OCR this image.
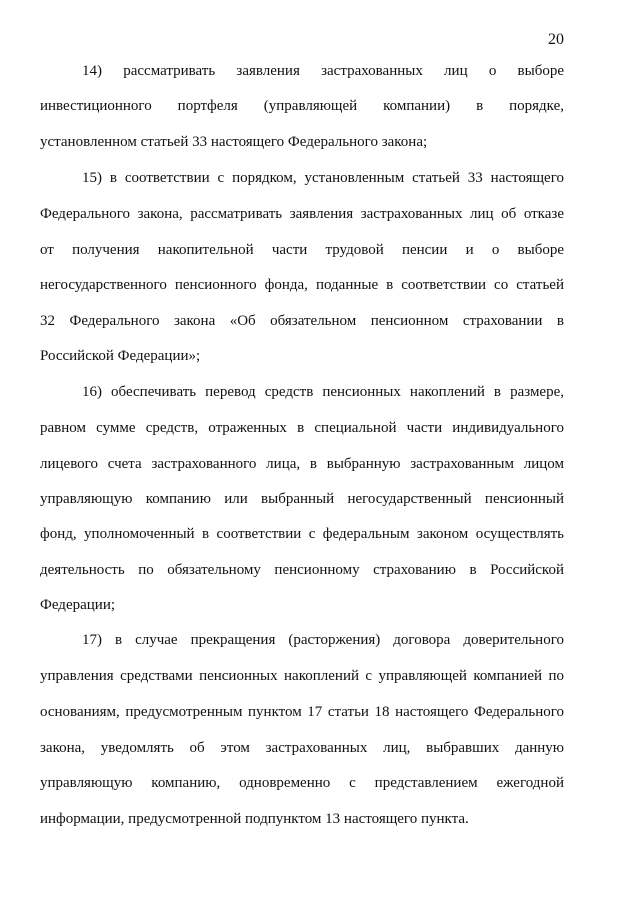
20
14) рассматривать заявления застрахованных лиц о выборе
инвестиционного портфеля (управляющей компании) в порядке,
установленном статьей 33 настоящего Федерального закона;
15) в соответствии с порядком, установленным статьей 33 настоящего
Федерального закона, рассматривать заявления застрахованных лиц об отказе
от получения накопительной части трудовой пенсии и о выборе
негосударственного пенсионного фонда, поданные в соответствии со статьей
32 Федерального закона «Об обязательном пенсионном страховании в
Российской Федерации»;
16) обеспечивать перевод средств пенсионных накоплений в размере,
равном сумме средств, отраженных в специальной части индивидуального
лицевого счета застрахованного лица, в выбранную застрахованным лицом
управляющую компанию или выбранный негосударственный пенсионный
фонд, уполномоченный в соответствии с федеральным законом осуществлять
деятельность по обязательному пенсионному страхованию в Российской
Федерации;
17) в случае прекращения (расторжения) договора доверительного
управления средствами пенсионных накоплений с управляющей компанией по
основаниям, предусмотренным пунктом 17 статьи 18 настоящего Федерального
закона, уведомлять об этом застрахованных лиц, выбравших данную
управляющую компанию, одновременно с представлением ежегодной
информации, предусмотренной подпунктом 13 настоящего пункта.
